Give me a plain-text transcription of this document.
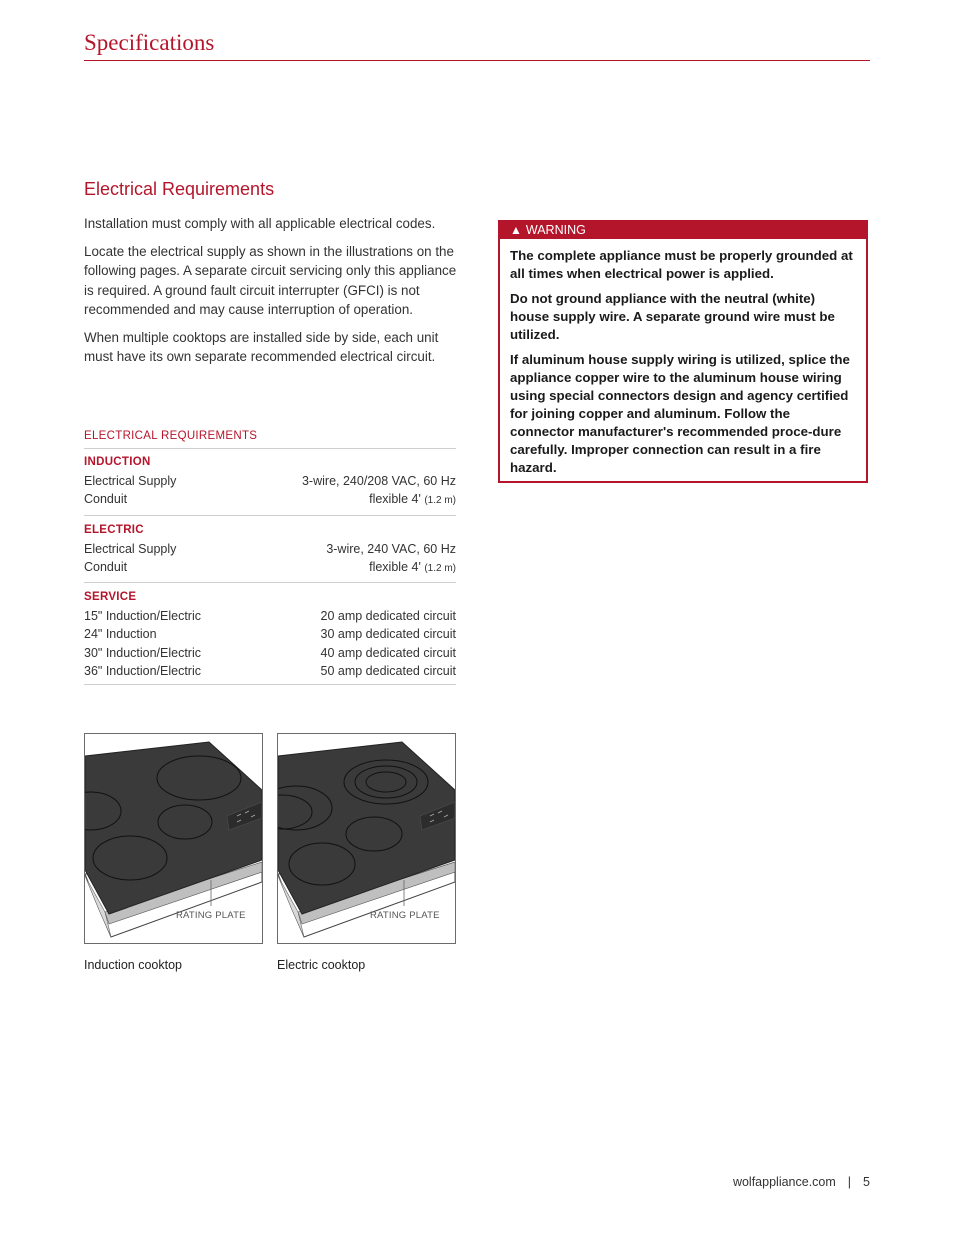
Specifications
Electrical Requirements

Installation must comply with all applicable electrical codes.

Locate the electrical supply as shown in the illustrations on the following pages. A separate circuit servicing only this appliance is required. A ground fault circuit interrupter (GFCI) is not recommended and may cause interruption of operation.

When multiple cooktops are installed side by side, each unit must have its own separate recommended electrical circuit.

ELECTRICAL REQUIREMENTS
INDUCTION
Electrical Supply	3-wire, 240/208 VAC, 60 Hz
Conduit	flexible 4' (1.2 m)
ELECTRIC
Electrical Supply	3-wire, 240 VAC, 60 Hz
Conduit	flexible 4' (1.2 m)
SERVICE
15" Induction/Electric	20 amp dedicated circuit
24" Induction	30 amp dedicated circuit
30" Induction/Electric	40 amp dedicated circuit
36" Induction/Electric	50 amp dedicated circuit
RATING PLATE
Induction cooktop
RATING PLATE
Electric cooktop
▲ WARNING

The complete appliance must be properly grounded at all times when electrical power is applied.

Do not ground appliance with the neutral (white) house supply wire. A separate ground wire must be utilized.

If aluminum house supply wiring is utilized, splice the appliance copper wire to the aluminum house wiring using special connectors design and agency certified for joining copper and aluminum. Follow the connector manufacturer's recommended proce-dure carefully. Improper connection can result in a fire hazard.

wolfappliance.com | 5
